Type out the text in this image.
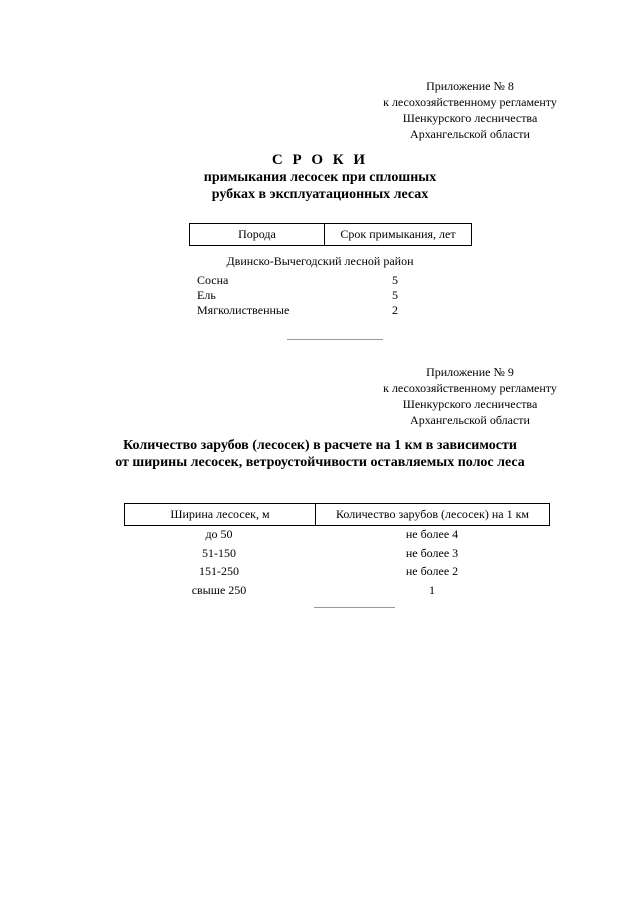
Приложение № 8
к лесохозяйственному регламенту
Шенкурского лесничества
Архангельской области
С Р О К И
примыкания лесосек при сплошных
рубках в эксплуатационных лесах
Порода	Срок примыкания, лет
Двинско-Вычегодский лесной район
Сосна	5
Ель	5
Мягколиственные	2
Приложение № 9
к лесохозяйственному регламенту
Шенкурского лесничества
Архангельской области
Количество зарубов (лесосек) в расчете на 1 км в зависимости
от ширины лесосек, ветроустойчивости оставляемых полос леса
Ширина лесосек, м	Количество зарубов (лесосек) на 1 км
до 50	не более 4
51-150	не более 3
151-250	не более 2
свыше 250	1
